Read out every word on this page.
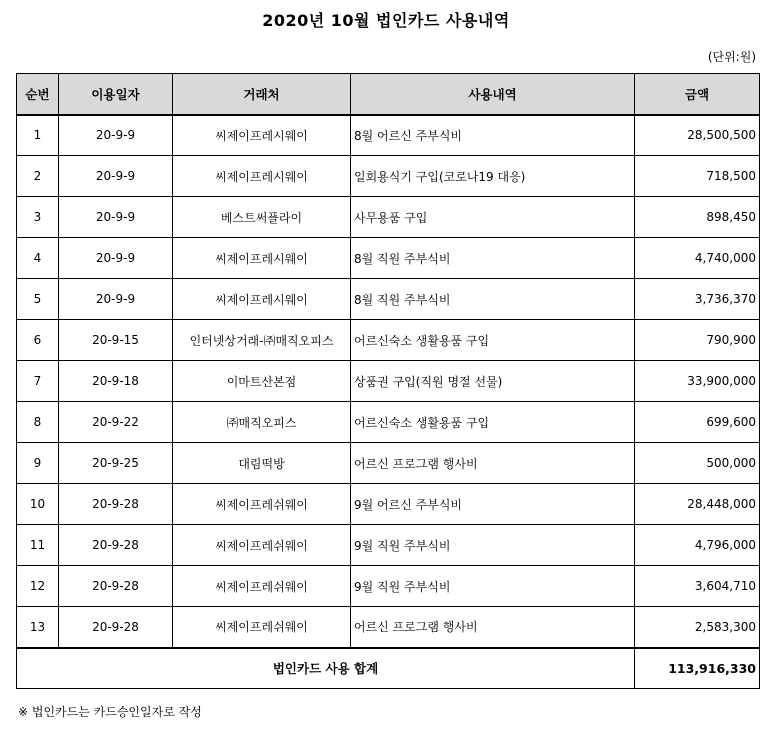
2020년 10월 법인카드 사용내역
(단위:원)
순번	이용일자	거래처	사용내역	금액
1	20-9-9	씨제이프레시웨이	8월 어르신 주부식비	28,500,500
2	20-9-9	씨제이프레시웨이	일회용식기 구입(코로나19 대응)	718,500
3	20-9-9	베스트써플라이	사무용품 구입	898,450
4	20-9-9	씨제이프레시웨이	8월 직원 주부식비	4,740,000
5	20-9-9	씨제이프레시웨이	8월 직원 주부식비	3,736,370
6	20-9-15	인터넷상거래-㈜매직오피스	어르신숙소 생활용품 구입	790,900
7	20-9-18	이마트산본점	상품권 구입(직원 명절 선물)	33,900,000
8	20-9-22	㈜매직오피스	어르신숙소 생활용품 구입	699,600
9	20-9-25	대림떡방	어르신 프로그램 행사비	500,000
10	20-9-28	씨제이프레쉬웨이	9월 어르신 주부식비	28,448,000
11	20-9-28	씨제이프레쉬웨이	9월 직원 주부식비	4,796,000
12	20-9-28	씨제이프레쉬웨이	9월 직원 주부식비	3,604,710
13	20-9-28	씨제이프레쉬웨이	어르신 프로그램 행사비	2,583,300
법인카드 사용 합계				113,916,330
※ 법인카드는 카드승인일자로 작성
